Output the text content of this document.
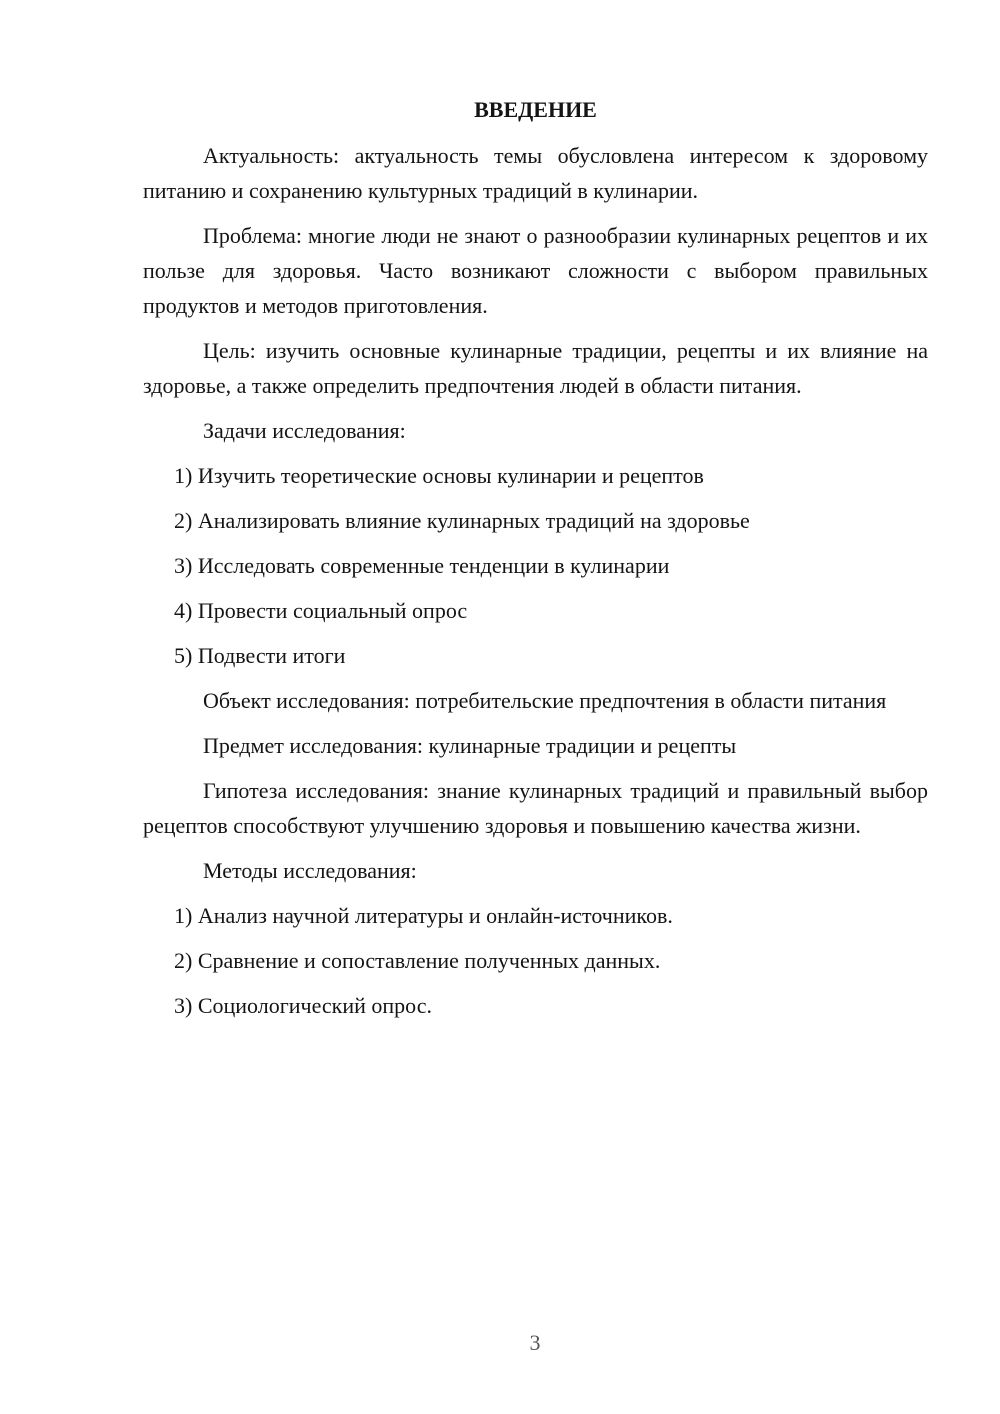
ВВЕДЕНИЕ

Актуальность: актуальность темы обусловлена интересом к здоровому питанию и сохранению культурных традиций в кулинарии.

Проблема: многие люди не знают о разнообразии кулинарных рецептов и их пользе для здоровья. Часто возникают сложности с выбором правильных продуктов и методов приготовления.

Цель: изучить основные кулинарные традиции, рецепты и их влияние на здоровье, а также определить предпочтения людей в области питания.

Задачи исследования:

1) Изучить теоретические основы кулинарии и рецептов
2) Анализировать влияние кулинарных традиций на здоровье
3) Исследовать современные тенденции в кулинарии
4) Провести социальный опрос
5) Подвести итоги

Объект исследования: потребительские предпочтения в области питания

Предмет исследования: кулинарные традиции и рецепты

Гипотеза исследования: знание кулинарных традиций и правильный выбор рецептов способствуют улучшению здоровья и повышению качества жизни.

Методы исследования:

1) Анализ научной литературы и онлайн-источников.
2) Сравнение и сопоставление полученных данных.
3) Социологический опрос.
3
